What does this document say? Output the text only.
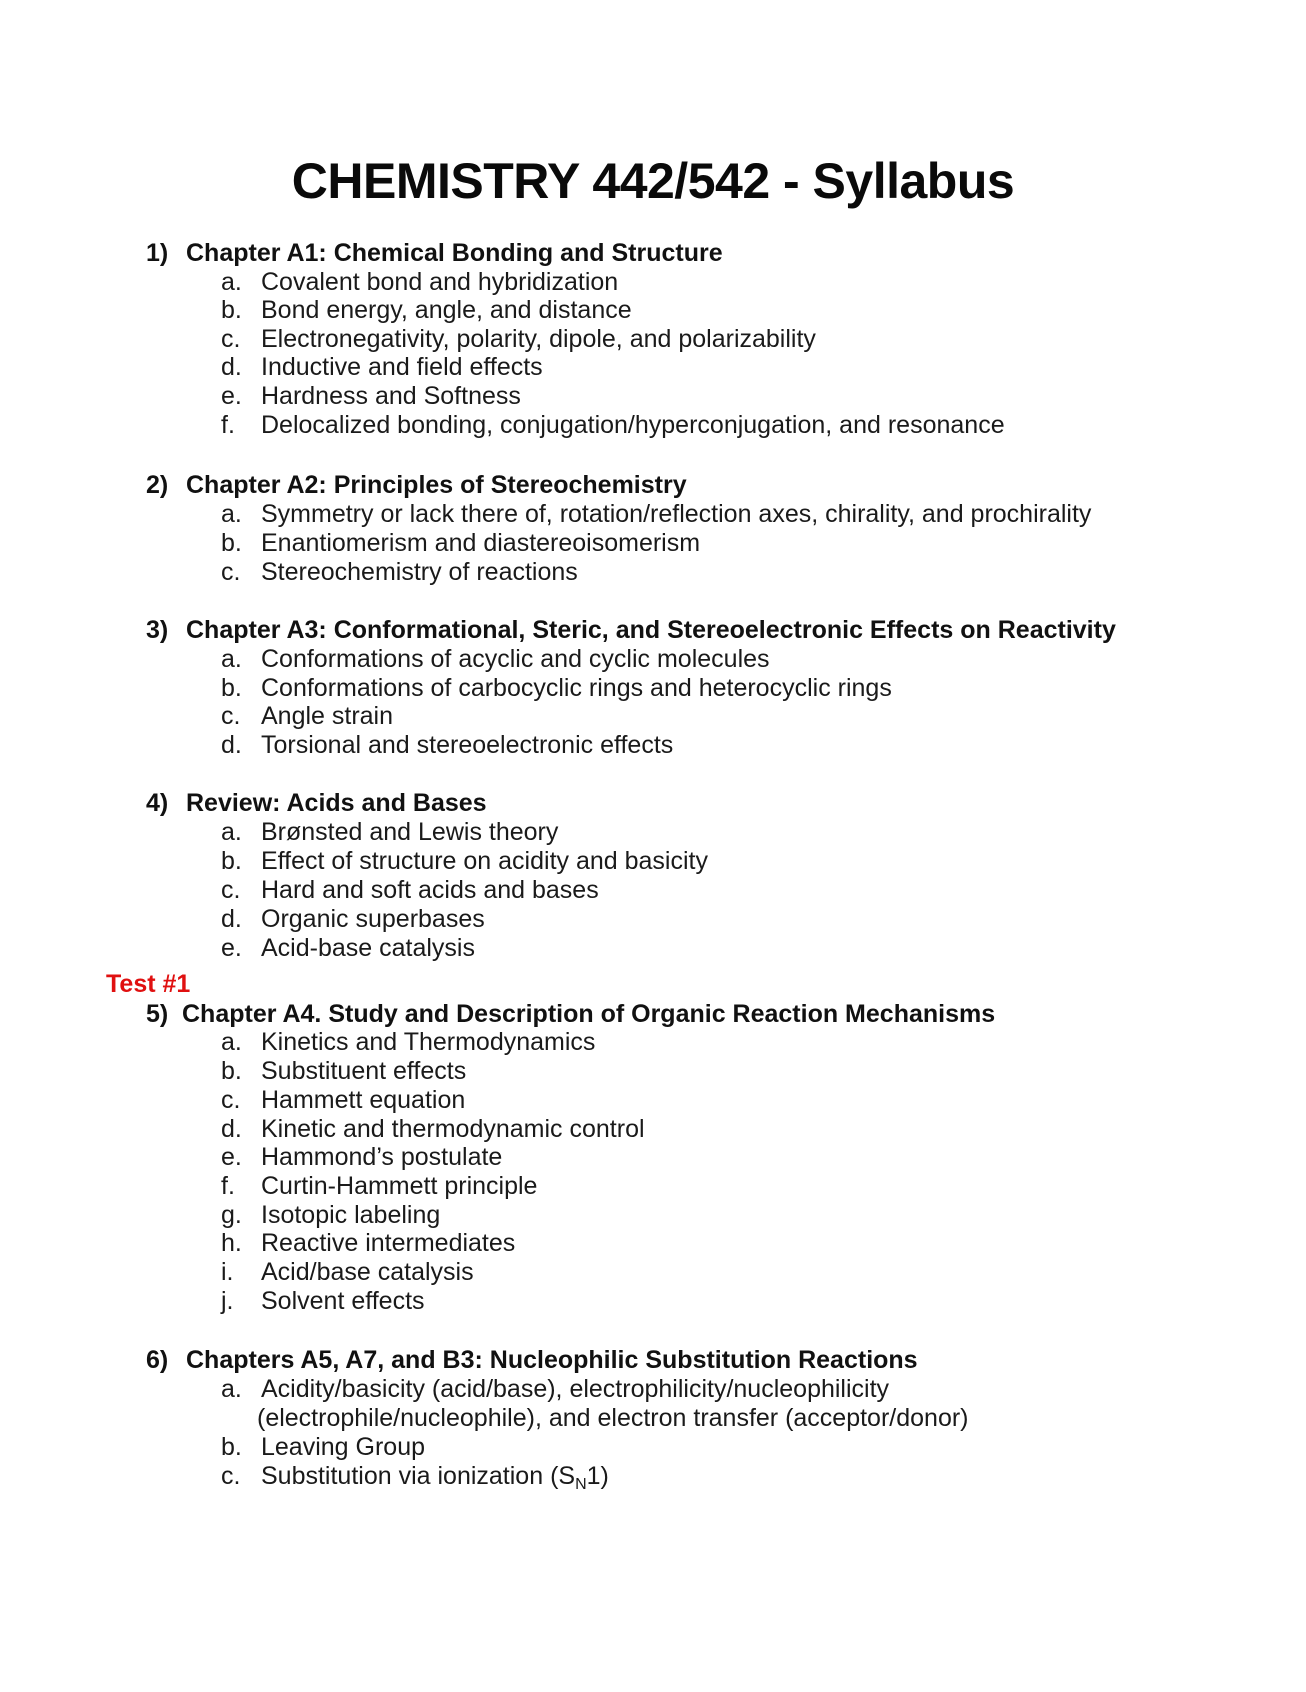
CHEMISTRY 442/542 - Syllabus
1) Chapter A1: Chemical Bonding and Structure
a. Covalent bond and hybridization
b. Bond energy, angle, and distance
c. Electronegativity, polarity, dipole, and polarizability
d. Inductive and field effects
e. Hardness and Softness
f.	Delocalized bonding, conjugation/hyperconjugation, and resonance
2) Chapter A2: Principles of Stereochemistry
a. Symmetry or lack there of, rotation/reflection axes, chirality, and prochirality
b. Enantiomerism and diastereoisomerism
c. Stereochemistry of reactions
3) Chapter A3: Conformational, Steric, and Stereoelectronic Effects on Reactivity
a. Conformations of acyclic and cyclic molecules
b. Conformations of carbocyclic rings and heterocyclic rings
c. Angle strain
d. Torsional and stereoelectronic effects
4) Review: Acids and Bases
a. Brønsted and Lewis theory
b. Effect of structure on acidity and basicity
c. Hard and soft acids and bases
d. Organic superbases
e. Acid-base catalysis
Test #1
5) Chapter A4. Study and Description of Organic Reaction Mechanisms
a. Kinetics and Thermodynamics
b. Substituent effects
c. Hammett equation
d. Kinetic and thermodynamic control
e. Hammond’s postulate
f.	Curtin-Hammett principle
g. Isotopic labeling
h. Reactive intermediates
i.	Acid/base catalysis
j.	Solvent effects
6) Chapters A5, A7, and B3: Nucleophilic Substitution Reactions
a. Acidity/basicity (acid/base), electrophilicity/nucleophilicity
(electrophile/nucleophile), and electron transfer (acceptor/donor)
b. Leaving Group
c. Substitution via ionization $(S_N1)$
